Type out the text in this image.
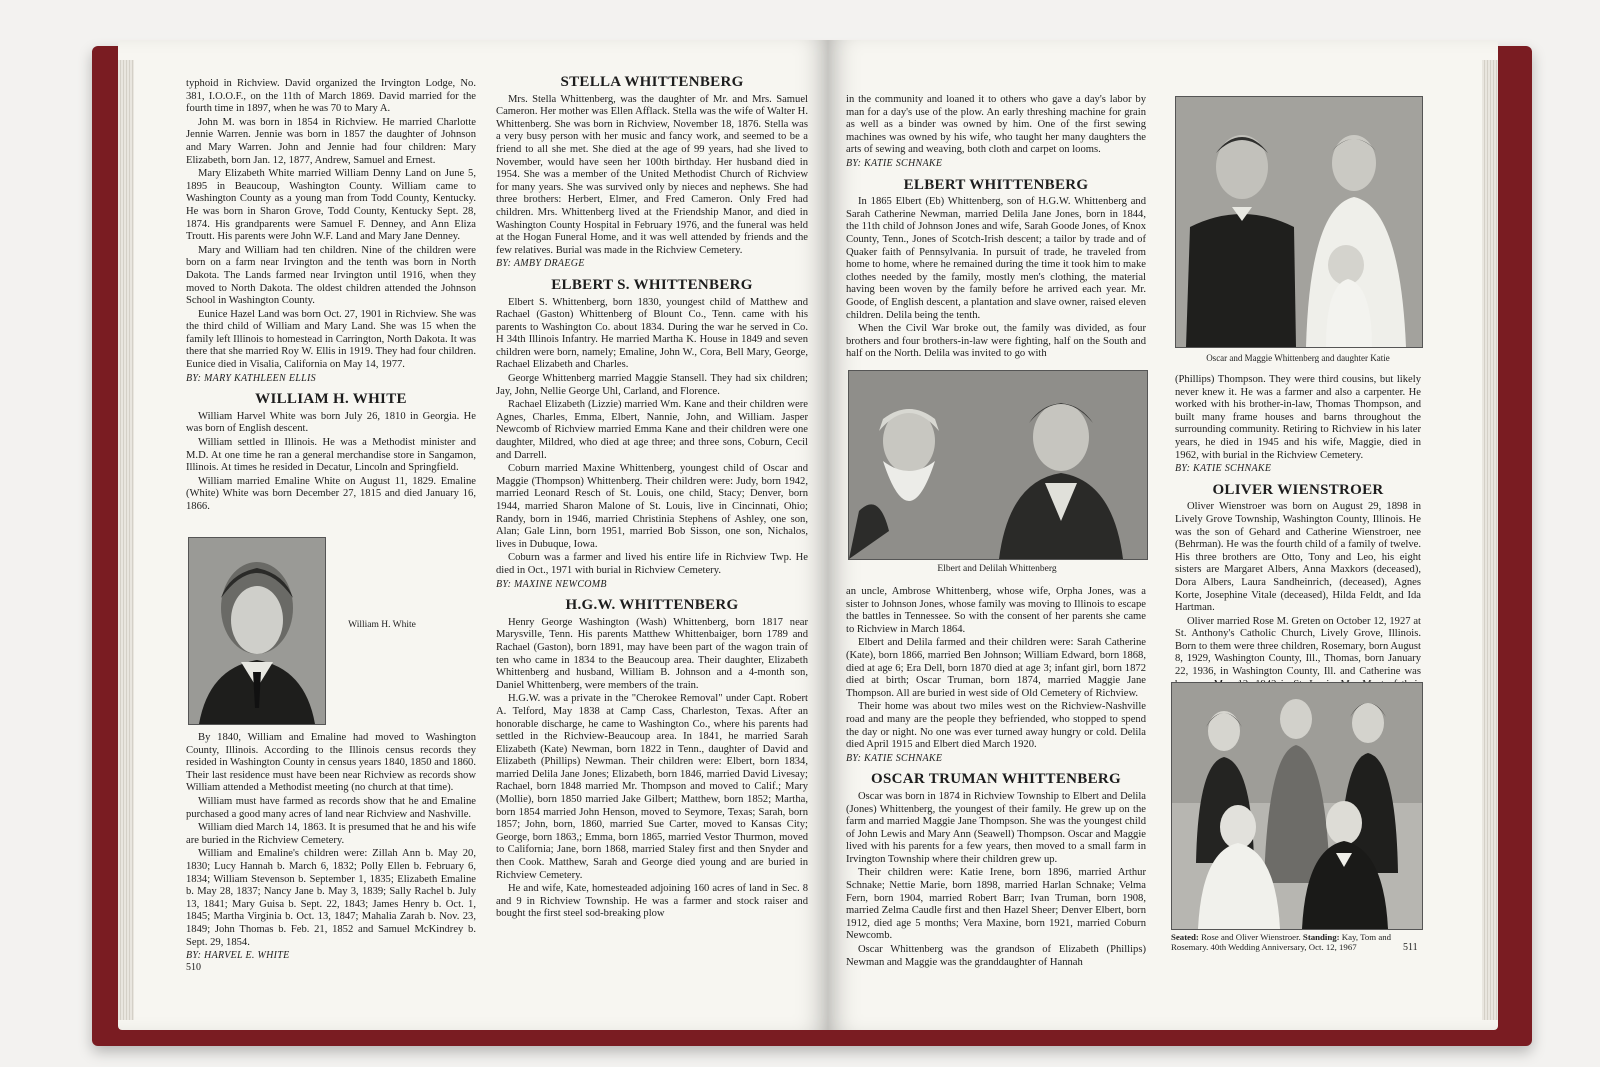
typhoid in Richview. David organized the Irvington Lodge, No. 381, I.O.O.F., on the 11th of March 1869. David married for the fourth time in 1897, when he was 70 to Mary A.

John M. was born in 1854 in Richview. He married Charlotte Jennie Warren. Jennie was born in 1857 the daughter of Johnson and Mary Warren. John and Jennie had four children: Mary Elizabeth, born Jan. 12, 1877, Andrew, Samuel and Ernest.

Mary Elizabeth White married William Denny Land on June 5, 1895 in Beaucoup, Washington County. William came to Washington County as a young man from Todd County, Kentucky. He was born in Sharon Grove, Todd County, Kentucky Sept. 28, 1874. His grandparents were Samuel F. Denney, and Ann Eliza Troutt. His parents were John W.F. Land and Mary Jane Denney.

Mary and William had ten children. Nine of the children were born on a farm near Irvington and the tenth was born in North Dakota. The Lands farmed near Irvington until 1916, when they moved to North Dakota. The oldest children attended the Johnson School in Washington County.

Eunice Hazel Land was born Oct. 27, 1901 in Richview. She was the third child of William and Mary Land. She was 15 when the family left Illinois to homestead in Carrington, North Dakota. It was there that she married Roy W. Ellis in 1919. They had four children. Eunice died in Visalia, California on May 14, 1977.

BY: MARY KATHLEEN ELLIS
WILLIAM H. WHITE

William Harvel White was born July 26, 1810 in Georgia. He was born of English descent.

William settled in Illinois. He was a Methodist minister and M.D. At one time he ran a general merchandise store in Sangamon, Illinois. At times he resided in Decatur, Lincoln and Springfield.

William married Emaline White on August 11, 1829. Emaline (White) White was born December 27, 1815 and died January 16, 1866.

William H. White

By 1840, William and Emaline had moved to Washington County, Illinois. According to the Illinois census records they resided in Washington County in census years 1840, 1850 and 1860. Their last residence must have been near Richview as records show William attended a Methodist meeting (no church at that time).

William must have farmed as records show that he and Emaline purchased a good many acres of land near Richview and Nashville.

William died March 14, 1863. It is presumed that he and his wife are buried in the Richview Cemetery.

William and Emaline's children were: Zillah Ann b. May 20, 1830; Lucy Hannah b. March 6, 1832; Polly Ellen b. February 6, 1834; William Stevenson b. September 1, 1835; Elizabeth Emaline b. May 28, 1837; Nancy Jane b. May 3, 1839; Sally Rachel b. July 13, 1841; Mary Guisa b. Sept. 22, 1843; James Henry b. Oct. 1, 1845; Martha Virginia b. Oct. 13, 1847; Mahalia Zarah b. Nov. 23, 1849; John Thomas b. Feb. 21, 1852 and Samuel McKindrey b. Sept. 29, 1854.

BY: HARVEL E. WHITE
510
STELLA WHITTENBERG

Mrs. Stella Whittenberg, was the daughter of Mr. and Mrs. Samuel Cameron. Her mother was Ellen Afflack. Stella was the wife of Walter H. Whittenberg. She was born in Richview, November 18, 1876. Stella was a very busy person with her music and fancy work, and seemed to be a friend to all she met. She died at the age of 99 years, had she lived to November, would have seen her 100th birthday. Her husband died in 1954. She was a member of the United Methodist Church of Richview for many years. She was survived only by nieces and nephews. She had three brothers: Herbert, Elmer, and Fred Cameron. Only Fred had children. Mrs. Whittenberg lived at the Friendship Manor, and died in Washington County Hospital in February 1976, and the funeral was held at the Hogan Funeral Home, and it was well attended by friends and the few relatives. Burial was made in the Richview Cemetery.

BY: AMBY DRAEGE
ELBERT S. WHITTENBERG

Elbert S. Whittenberg, born 1830, youngest child of Matthew and Rachael (Gaston) Whittenberg of Blount Co., Tenn. came with his parents to Washington Co. about 1834. During the war he served in Co. H 34th Illinois Infantry. He married Martha K. House in 1849 and seven children were born, namely; Emaline, John W., Cora, Bell Mary, George, Rachael Elizabeth and Charles.

George Whittenberg married Maggie Stansell. They had six children; Jay, John, Nellie George Uhl, Carland, and Florence.

Rachael Elizabeth (Lizzie) married Wm. Kane and their children were Agnes, Charles, Emma, Elbert, Nannie, John, and William. Jasper Newcomb of Richview married Emma Kane and their children were one daughter, Mildred, who died at age three; and three sons, Coburn, Cecil and Darrell.

Coburn married Maxine Whittenberg, youngest child of Oscar and Maggie (Thompson) Whittenberg. Their children were: Judy, born 1942, married Leonard Resch of St. Louis, one child, Stacy; Denver, born 1944, married Sharon Malone of St. Louis, live in Cincinnati, Ohio; Randy, born in 1946, married Christinia Stephens of Ashley, one son, Alan; Gale Linn, born 1951, married Bob Sisson, one son, Nichalos, lives in Dubuque, Iowa.

Coburn was a farmer and lived his entire life in Richview Twp. He died in Oct., 1971 with burial in Richview Cemetery.

BY: MAXINE NEWCOMB
H.G.W. WHITTENBERG

Henry George Washington (Wash) Whittenberg, born 1817 near Marysville, Tenn. His parents Matthew Whittenbaiger, born 1789 and Rachael (Gaston), born 1891, may have been part of the wagon train of ten who came in 1834 to the Beaucoup area. Their daughter, Elizabeth Whittenberg and husband, William B. Johnson and a 4-month son, Daniel Whittenberg, were members of the train.

H.G.W. was a private in the "Cherokee Removal" under Capt. Robert A. Telford, May 1838 at Camp Cass, Charleston, Texas. After an honorable discharge, he came to Washington Co., where his parents had settled in the Richview-Beaucoup area. In 1841, he married Sarah Elizabeth (Kate) Newman, born 1822 in Tenn., daughter of David and Elizabeth (Phillips) Newman. Their children were: Elbert, born 1834, married Delila Jane Jones; Elizabeth, born 1846, married David Livesay; Rachael, born 1848 married Mr. Thompson and moved to Calif.; Mary (Mollie), born 1850 married Jake Gilbert; Matthew, born 1852; Martha, born 1854 married John Henson, moved to Seymore, Texas; Sarah, born 1857; John, born, 1860, married Sue Carter, moved to Kansas City; George, born 1863,; Emma, born 1865, married Vestor Thurmon, moved to California; Jane, born 1868, married Staley first and then Snyder and then Cook. Matthew, Sarah and George died young and are buried in Richview Cemetery.

He and wife, Kate, homesteaded adjoining 160 acres of land in Sec. 8 and 9 in Richview Township. He was a farmer and stock raiser and bought the first steel sod-breaking plow

in the community and loaned it to others who gave a day's labor by man for a day's use of the plow. An early threshing machine for grain as well as a binder was owned by him. One of the first sewing machines was owned by his wife, who taught her many daughters the arts of sewing and weaving, both cloth and carpet on looms.

BY: KATIE SCHNAKE
ELBERT WHITTENBERG

In 1865 Elbert (Eb) Whittenberg, son of H.G.W. Whittenberg and Sarah Catherine Newman, married Delila Jane Jones, born in 1844, the 11th child of Johnson Jones and wife, Sarah Goode Jones, of Knox County, Tenn., Jones of Scotch-Irish descent; a tailor by trade and of Quaker faith of Pennsylvania. In pursuit of trade, he traveled from home to home, where he remained during the time it took him to make clothes needed by the family, mostly men's clothing, the material having been woven by the family before he arrived each year. Mr. Goode, of English descent, a plantation and slave owner, raised eleven children. Delila being the tenth.

When the Civil War broke out, the family was divided, as four brothers and four brothers-in-law were fighting, half on the South and half on the North. Delila was invited to go with

Elbert and Delilah Whittenberg

an uncle, Ambrose Whittenberg, whose wife, Orpha Jones, was a sister to Johnson Jones, whose family was moving to Illinois to escape the battles in Tennessee. So with the consent of her parents she came to Richview in March 1864.

Elbert and Delila farmed and their children were: Sarah Catherine (Kate), born 1866, married Ben Johnson; William Edward, born 1868, died at age 6; Era Dell, born 1870 died at age 3; infant girl, born 1872 died at birth; Oscar Truman, born 1874, married Maggie Jane Thompson. All are buried in west side of Old Cemetery of Richview.

Their home was about two miles west on the Richview-Nashville road and many are the people they befriended, who stopped to spend the day or night. No one was ever turned away hungry or cold. Delila died April 1915 and Elbert died March 1920.

BY: KATIE SCHNAKE
OSCAR TRUMAN WHITTENBERG

Oscar was born in 1874 in Richview Township to Elbert and Delila (Jones) Whittenberg, the youngest of their family. He grew up on the farm and married Maggie Jane Thompson. She was the youngest child of John Lewis and Mary Ann (Seawell) Thompson. Oscar and Maggie lived with his parents for a few years, then moved to a small farm in Irvington Township where their children grew up.

Their children were: Katie Irene, born 1896, married Arthur Schnake; Nettie Marie, born 1898, married Harlan Schnake; Velma Fern, born 1904, married Robert Barr; Ivan Truman, born 1908, married Zelma Caudle first and then Hazel Sheer; Denver Elbert, born 1912, died age 5 months; Vera Maxine, born 1921, married Coburn Newcomb.

Oscar Whittenberg was the grandson of Elizabeth (Phillips) Newman and Maggie was the granddaughter of Hannah

Oscar and Maggie Whittenberg and daughter Katie

(Phillips) Thompson. They were third cousins, but likely never knew it. He was a farmer and also a carpenter. He worked with his brother-in-law, Thomas Thompson, and built many frame houses and barns throughout the surrounding community. Retiring to Richview in his later years, he died in 1945 and his wife, Maggie, died in 1962, with burial in the Richview Cemetery.

BY: KATIE SCHNAKE
OLIVER WIENSTROER

Oliver Wienstroer was born on August 29, 1898 in Lively Grove Township, Washington County, Illinois. He was the son of Gehard and Catherine Wienstroer, nee (Behrman). He was the fourth child of a family of twelve. His three brothers are Otto, Tony and Leo, his eight sisters are Margaret Albers, Anna Maxkors (deceased), Dora Albers, Laura Sandheinrich, (deceased), Agnes Korte, Josephine Vitale (deceased), Hilda Feldt, and Ida Hartman.

Oliver married Rose M. Greten on October 12, 1927 at St. Anthony's Catholic Church, Lively Grove, Illinois. Born to them were three children, Rosemary, born August 8, 1929, Washington County, Ill., Thomas, born January 22, 1936, in Washington County, Ill. and Catherine was

Seated: Rose and Oliver Wienstroer. Standing: Kay, Tom and Rosemary. 40th Wedding Anniversary, Oct. 12, 1967	511
